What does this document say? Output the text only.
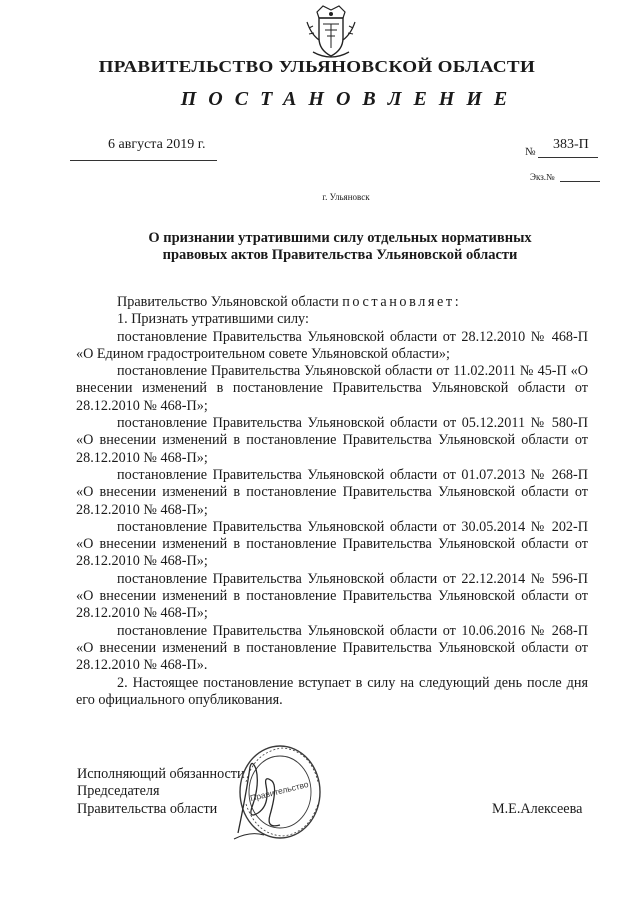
ПРАВИТЕЛЬСТВО УЛЬЯНОВСКОЙ ОБЛАСТИ
ПОСТАНОВЛЕНИЕ
6 августа 2019 г.	№ 383-П
Экз.№
г. Ульяновск
О признании утратившими силу отдельных нормативных
правовых актов Правительства Ульяновской области

Правительство Ульяновской области постановляет:

1. Признать утратившими силу:

постановление Правительства Ульяновской области от 28.12.2010 № 468-П «О Едином градостроительном совете Ульяновской области»;

постановление Правительства Ульяновской области от 11.02.2011 № 45-П «О внесении изменений в постановление Правительства Ульяновской области от 28.12.2010 № 468-П»;

постановление Правительства Ульяновской области от 05.12.2011 № 580-П «О внесении изменений в постановление Правительства Ульяновской области от 28.12.2010 № 468-П»;

постановление Правительства Ульяновской области от 01.07.2013 № 268-П «О внесении изменений в постановление Правительства Ульяновской области от 28.12.2010 № 468-П»;

постановление Правительства Ульяновской области от 30.05.2014 № 202-П «О внесении изменений в постановление Правительства Ульяновской области от 28.12.2010 № 468-П»;

постановление Правительства Ульяновской области от 22.12.2014 № 596-П «О внесении изменений в постановление Правительства Ульяновской области от 28.12.2010 № 468-П»;

постановление Правительства Ульяновской области от 10.06.2016 № 268-П «О внесении изменений в постановление Правительства Ульяновской области от 28.12.2010 № 468-П».

2. Настоящее постановление вступает в силу на следующий день после дня его официального опубликования.

Исполняющий обязанности
Председателя
Правительства области
Правительство
М.Е.Алексеева
